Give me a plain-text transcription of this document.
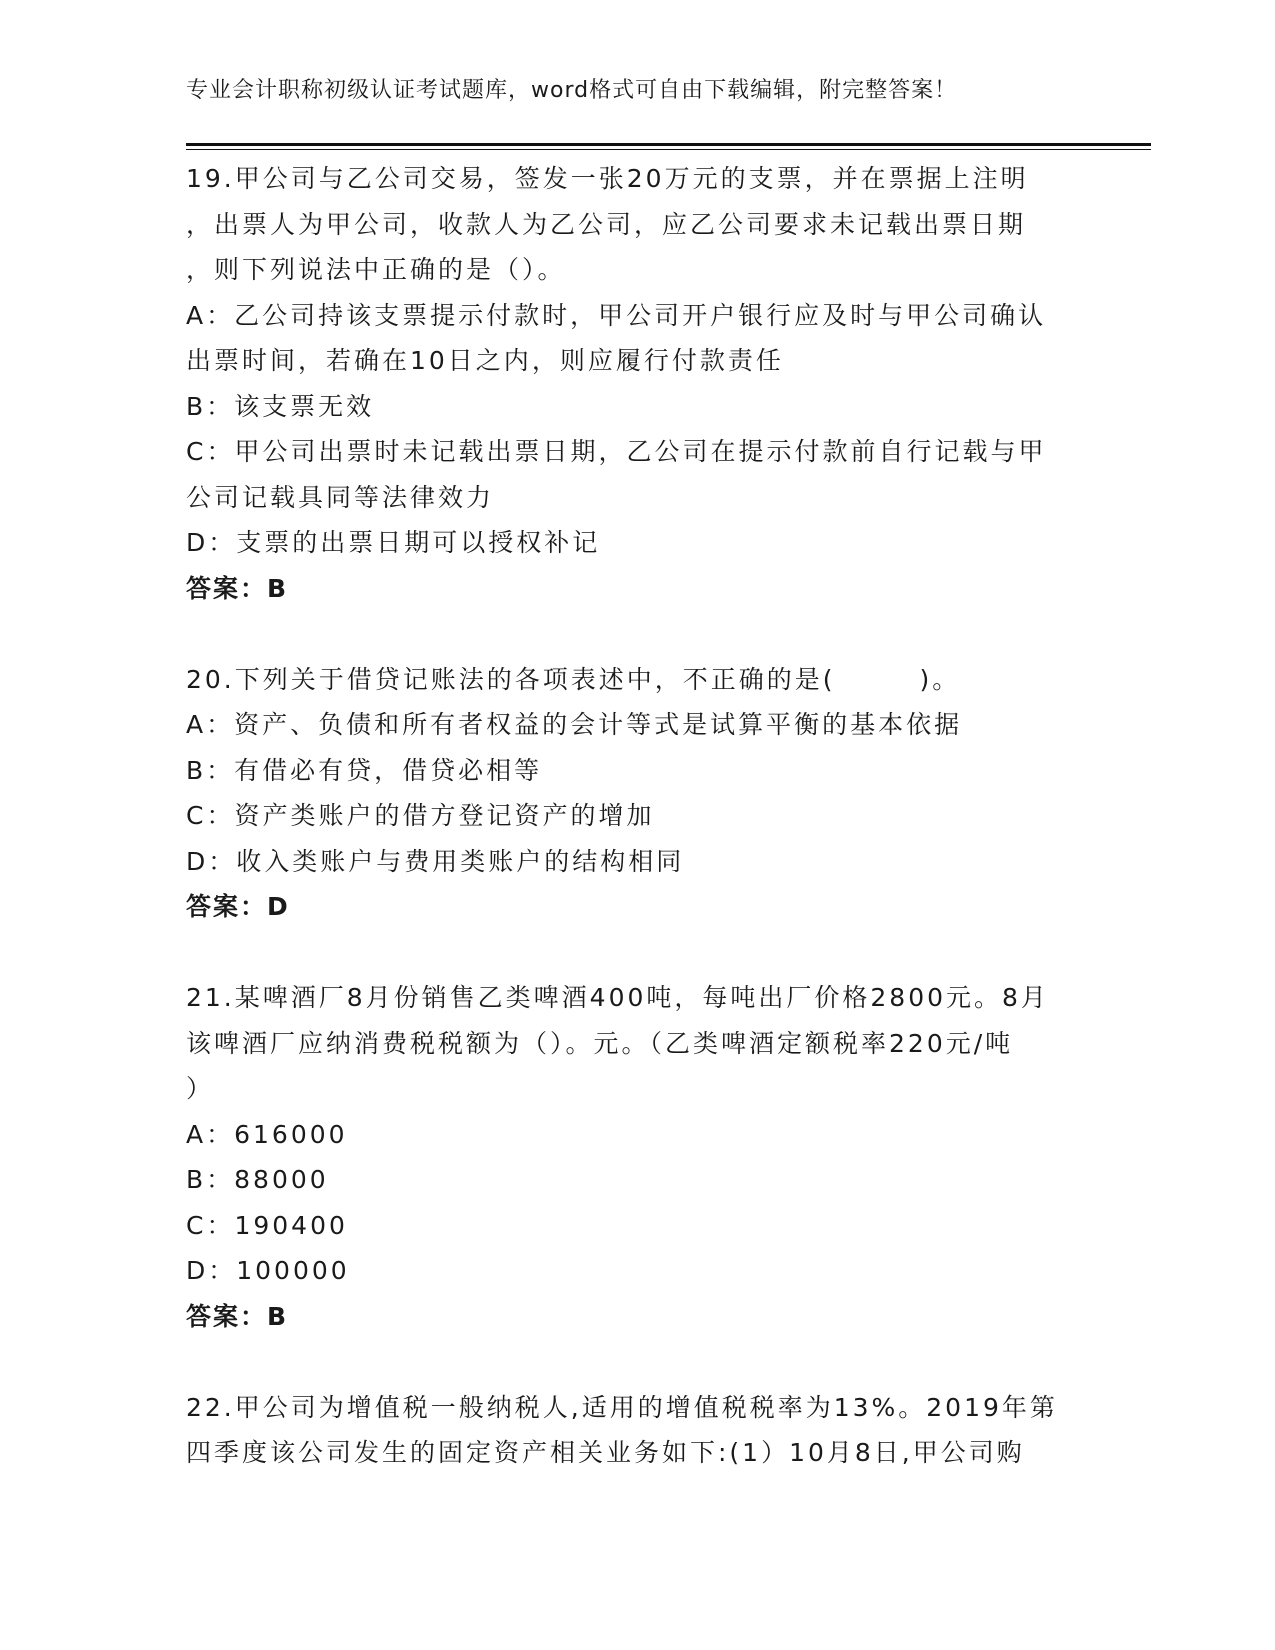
专业会计职称初级认证考试题库，word格式可自由下载编辑，附完整答案！
19.甲公司与乙公司交易，签发一张20万元的支票，并在票据上注明
，出票人为甲公司，收款人为乙公司，应乙公司要求未记载出票日期
，则下列说法中正确的是（）。
A：乙公司持该支票提示付款时，甲公司开户银行应及时与甲公司确认
出票时间，若确在10日之内，则应履行付款责任
B：该支票无效
C：甲公司出票时未记载出票日期，乙公司在提示付款前自行记载与甲
公司记载具同等法律效力
D：支票的出票日期可以授权补记
答案：B
20.下列关于借贷记账法的各项表述中，不正确的是(　　　)。
A：资产、负债和所有者权益的会计等式是试算平衡的基本依据
B：有借必有贷，借贷必相等
C：资产类账户的借方登记资产的增加
D：收入类账户与费用类账户的结构相同
答案：D
21.某啤酒厂8月份销售乙类啤酒400吨，每吨出厂价格2800元。8月
该啤酒厂应纳消费税税额为（）。元。（乙类啤酒定额税率220元/吨
）
A：616000
B：88000
C：190400
D：100000
答案：B
22.甲公司为增值税一般纳税人,适用的增值税税率为13%。2019年第
四季度该公司发生的固定资产相关业务如下:(1）10月8日,甲公司购
